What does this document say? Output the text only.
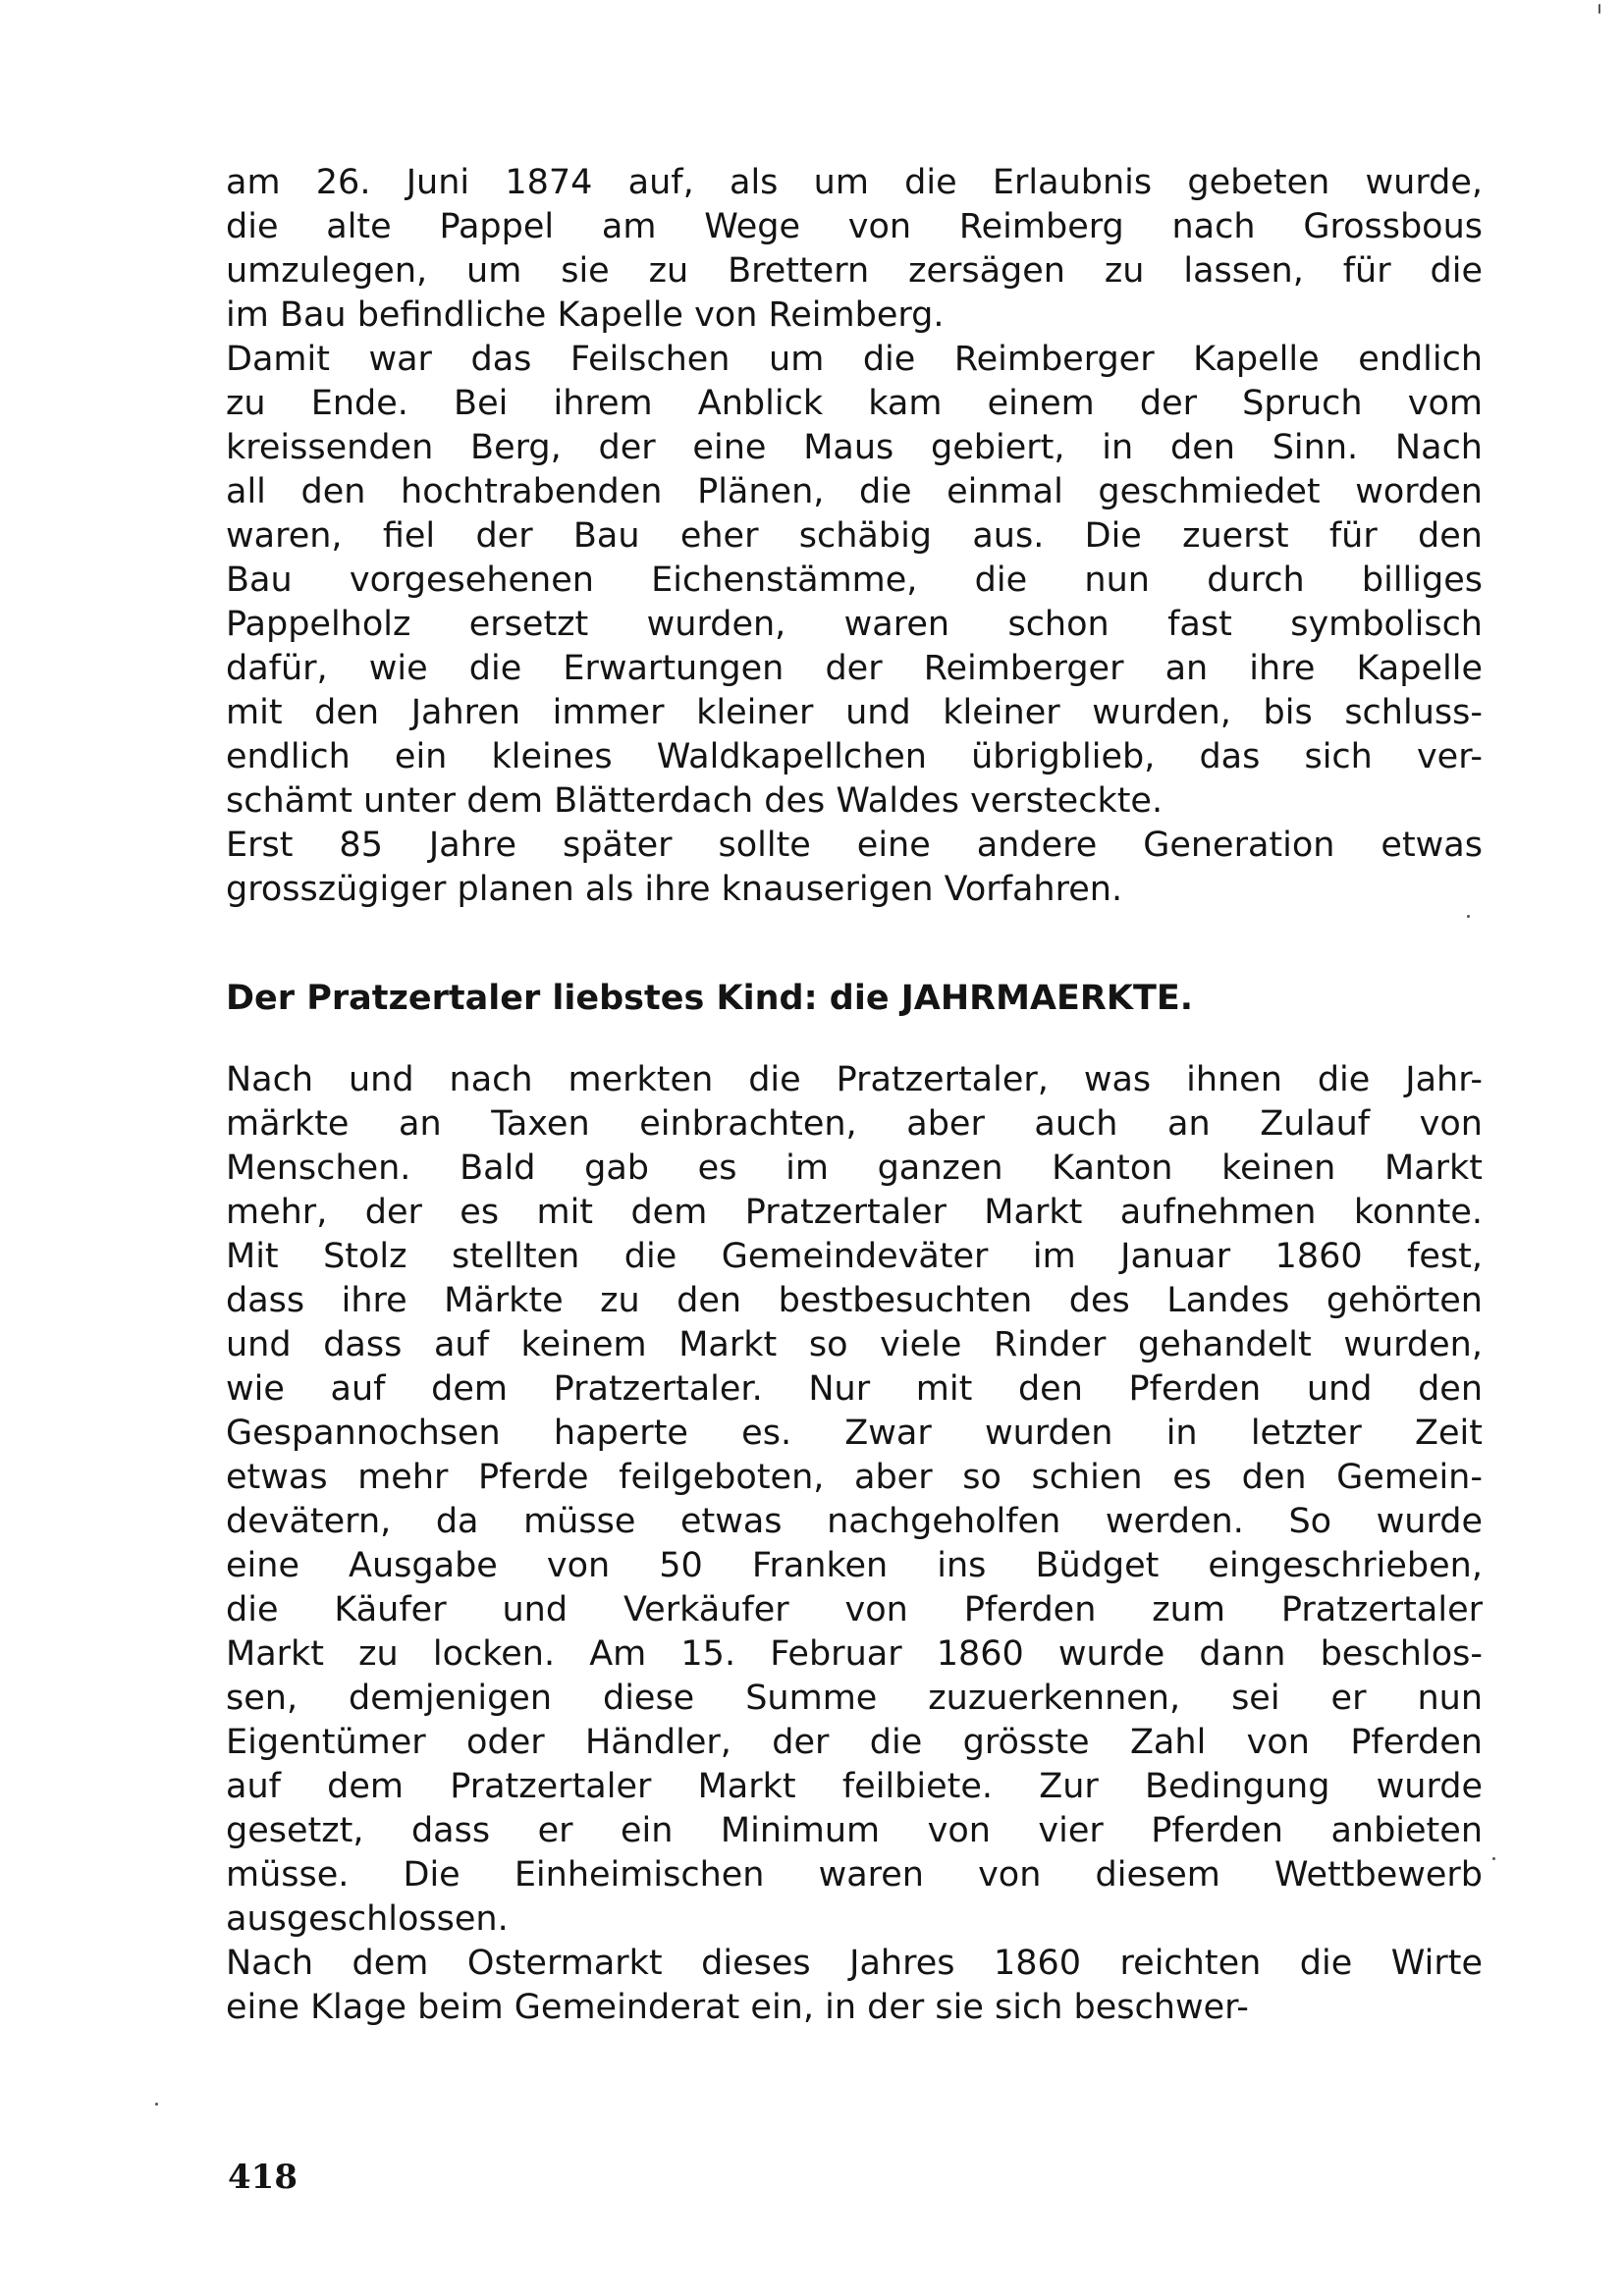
am 26. Juni 1874 auf, als um die Erlaubnis gebeten wurde,
die alte Pappel am Wege von Reimberg nach Grossbous
umzulegen, um sie zu Brettern zersägen zu lassen, für die
im Bau befindliche Kapelle von Reimberg.
Damit war das Feilschen um die Reimberger Kapelle endlich
zu Ende. Bei ihrem Anblick kam einem der Spruch vom
kreissenden Berg, der eine Maus gebiert, in den Sinn. Nach
all den hochtrabenden Plänen, die einmal geschmiedet worden
waren, fiel der Bau eher schäbig aus. Die zuerst für den
Bau vorgesehenen Eichenstämme, die nun durch billiges
Pappelholz ersetzt wurden, waren schon fast symbolisch
dafür, wie die Erwartungen der Reimberger an ihre Kapelle
mit den Jahren immer kleiner und kleiner wurden, bis schluss-
endlich ein kleines Waldkapellchen übrigblieb, das sich ver-
schämt unter dem Blätterdach des Waldes versteckte.
Erst 85 Jahre später sollte eine andere Generation etwas
grosszügiger planen als ihre knauserigen Vorfahren.
Der Pratzertaler liebstes Kind: die JAHRMAERKTE.
Nach und nach merkten die Pratzertaler, was ihnen die Jahr-
märkte an Taxen einbrachten, aber auch an Zulauf von
Menschen. Bald gab es im ganzen Kanton keinen Markt
mehr, der es mit dem Pratzertaler Markt aufnehmen konnte.
Mit Stolz stellten die Gemeindeväter im Januar 1860 fest,
dass ihre Märkte zu den bestbesuchten des Landes gehörten
und dass auf keinem Markt so viele Rinder gehandelt wurden,
wie auf dem Pratzertaler. Nur mit den Pferden und den
Gespannochsen haperte es. Zwar wurden in letzter Zeit
etwas mehr Pferde feilgeboten, aber so schien es den Gemein-
devätern, da müsse etwas nachgeholfen werden. So wurde
eine Ausgabe von 50 Franken ins Büdget eingeschrieben,
die Käufer und Verkäufer von Pferden zum Pratzertaler
Markt zu locken. Am 15. Februar 1860 wurde dann beschlos-
sen, demjenigen diese Summe zuzuerkennen, sei er nun
Eigentümer oder Händler, der die grösste Zahl von Pferden
auf dem Pratzertaler Markt feilbiete. Zur Bedingung wurde
gesetzt, dass er ein Minimum von vier Pferden anbieten
müsse. Die Einheimischen waren von diesem Wettbewerb
ausgeschlossen.
Nach dem Ostermarkt dieses Jahres 1860 reichten die Wirte
eine Klage beim Gemeinderat ein, in der sie sich beschwer-
418
